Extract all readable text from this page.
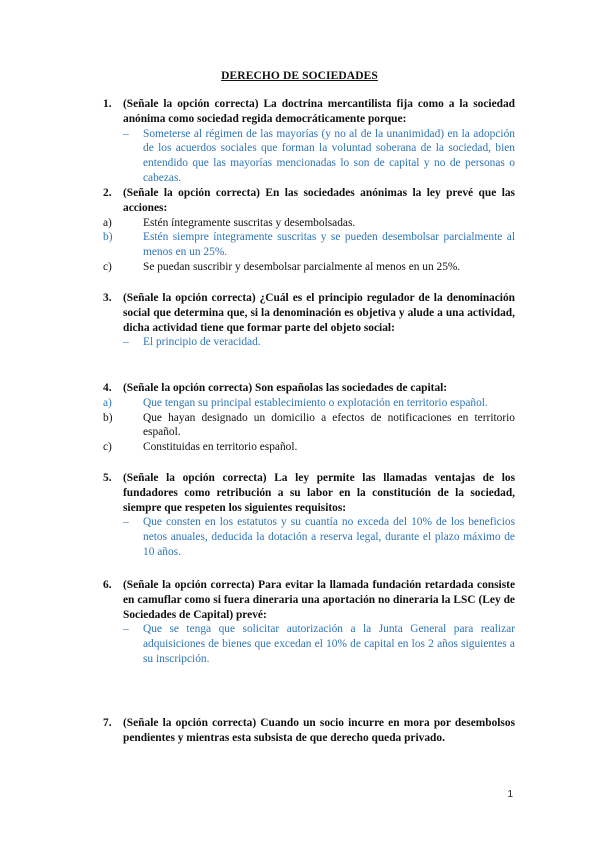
DERECHO DE SOCIEDADES
1. (Señale la opción correcta) La doctrina mercantilista fija como a la sociedad anónima como sociedad regida democráticamente porque:
– Someterse al régimen de las mayorías (y no al de la unanimidad) en la adopción de los acuerdos sociales que forman la voluntad soberana de la sociedad, bien entendido que las mayorías mencionadas lo son de capital y no de personas o cabezas.
2. (Señale la opción correcta) En las sociedades anónimas la ley prevé que las acciones:
a)	Estén íntegramente suscritas y desembolsadas.
b)	Estén siempre íntegramente suscritas y se pueden desembolsar parcialmente al menos en un 25%.
c)	Se puedan suscribir y desembolsar parcialmente al menos en un 25%.
3. (Señale la opción correcta) ¿Cuál es el principio regulador de la denominación social que determina que, si la denominación es objetiva y alude a una actividad, dicha actividad tiene que formar parte del objeto social:
– El principio de veracidad.
4. (Señale la opción correcta) Son españolas las sociedades de capital:
a)	Que tengan su principal establecimiento o explotación en territorio español.
b)	Que hayan designado un domicilio a efectos de notificaciones en territorio español.
c)	Constituidas en territorio español.
5. (Señale la opción correcta) La ley permite las llamadas ventajas de los fundadores como retribución a su labor en la constitución de la sociedad, siempre que respeten los siguientes requisitos:
– Que consten en los estatutos y su cuantía no exceda del 10% de los beneficios netos anuales, deducida la dotación a reserva legal, durante el plazo máximo de 10 años.
6. (Señale la opción correcta) Para evitar la llamada fundación retardada consiste en camuflar como si fuera dineraria una aportación no dineraria la LSC (Ley de Sociedades de Capital) prevé:
– Que se tenga que solicitar autorización a la Junta General para realizar adquisiciones de bienes que excedan el 10% de capital en los 2 años siguientes a su inscripción.
7. (Señale la opción correcta) Cuando un socio incurre en mora por desembolsos pendientes y mientras esta subsista de que derecho queda privado.
1
